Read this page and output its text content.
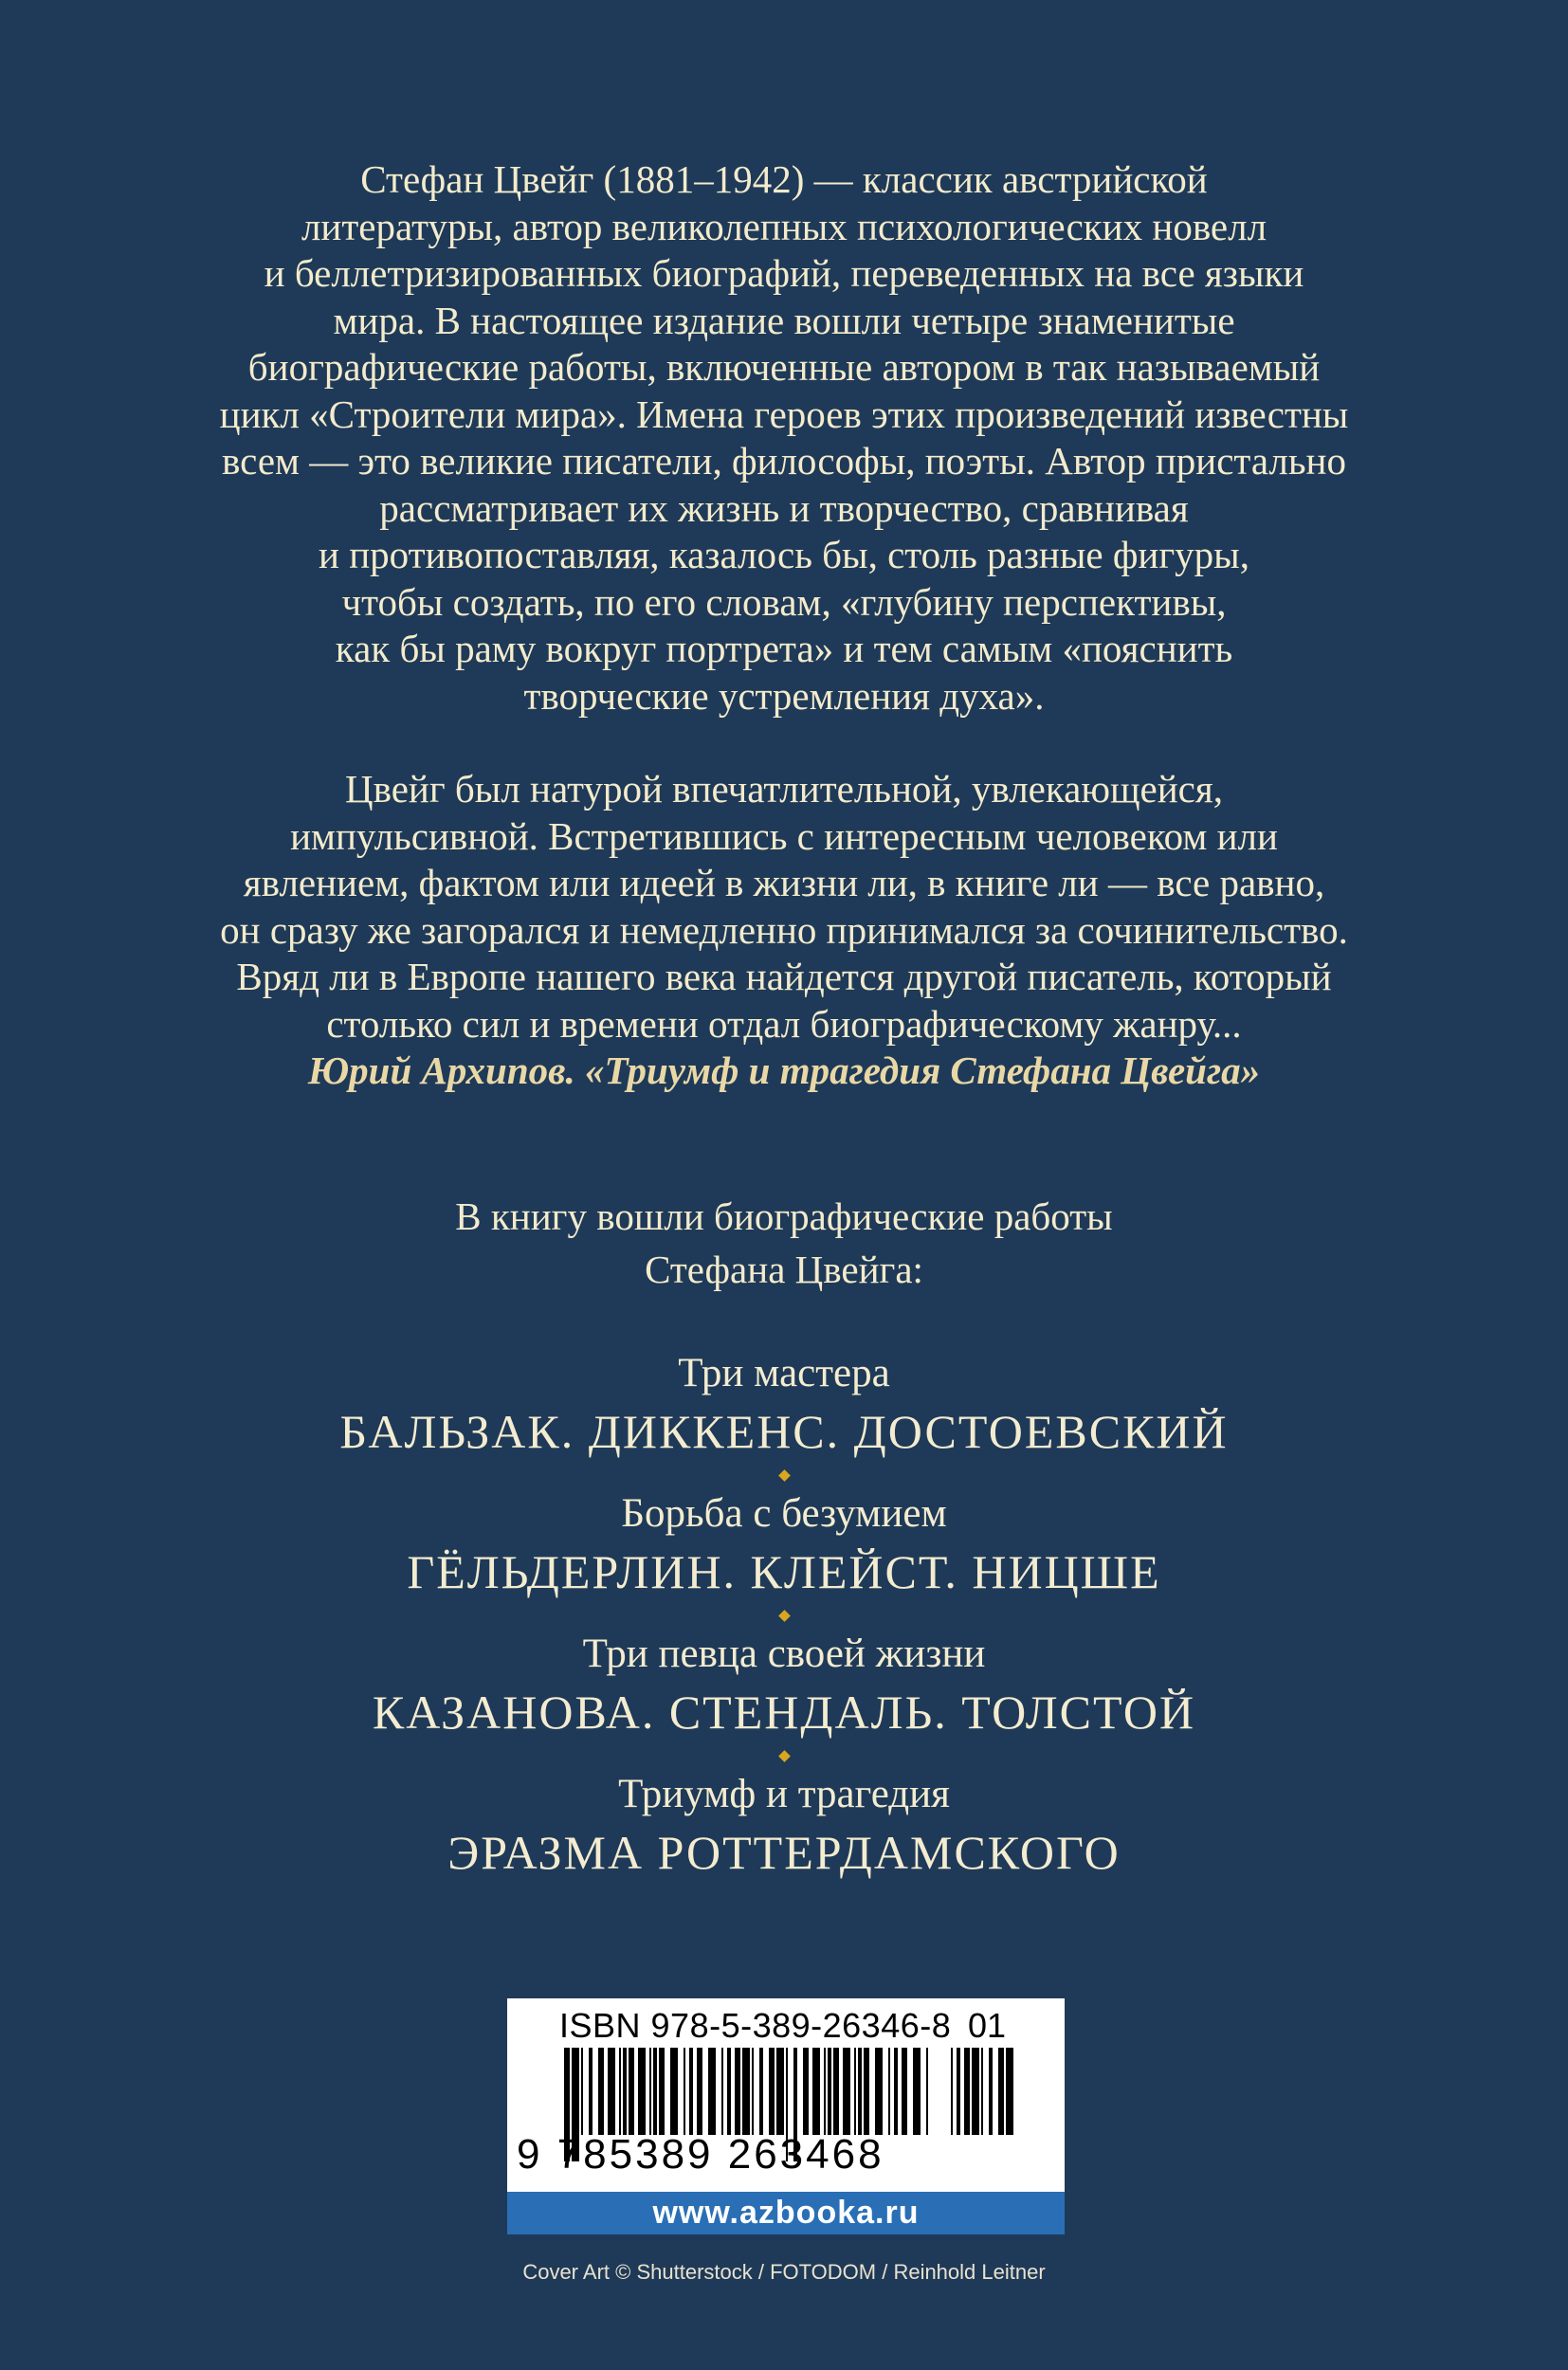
Стефан Цвейг (1881–1942) — классик австрийской
литературы, автор великолепных психологических новелл
и беллетризированных биографий, переведенных на все языки
мира. В настоящее издание вошли четыре знаменитые
биографические работы, включенные автором в так называемый
цикл «Строители мира». Имена героев этих произведений известны
всем — это великие писатели, философы, поэты. Автор пристально
рассматривает их жизнь и творчество, сравнивая
и противопоставляя, казалось бы, столь разные фигуры,
чтобы создать, по его словам, «глубину перспективы,
как бы раму вокруг портрета» и тем самым «пояснить
творческие устремления духа».

Цвейг был натурой впечатлительной, увлекающейся,
импульсивной. Встретившись с интересным человеком или
явлением, фактом или идеей в жизни ли, в книге ли — все равно,
он сразу же загорался и немедленно принимался за сочинительство.
Вряд ли в Европе нашего века найдется другой писатель, который
столько сил и времени отдал биографическому жанру...
Юрий Архипов. «Триумф и трагедия Стефана Цвейга»

В книгу вошли биографические работы
Стефана Цвейга:
Три мастера
БАЛЬЗАК. ДИККЕНС. ДОСТОЕВСКИЙ
Борьба с безумием
ГЁЛЬДЕРЛИН. КЛЕЙСТ. НИЦШЕ
Три певца своей жизни
КАЗАНОВА. СТЕНДАЛЬ. ТОЛСТОЙ
Триумф и трагедия
ЭРАЗМА РОТТЕРДАМСКОГО
ISBN 978-5-389-26346-8 01
9 785389 263468
www.azbooka.ru
Cover Art © Shutterstock / FOTODOM / Reinhold Leitner
